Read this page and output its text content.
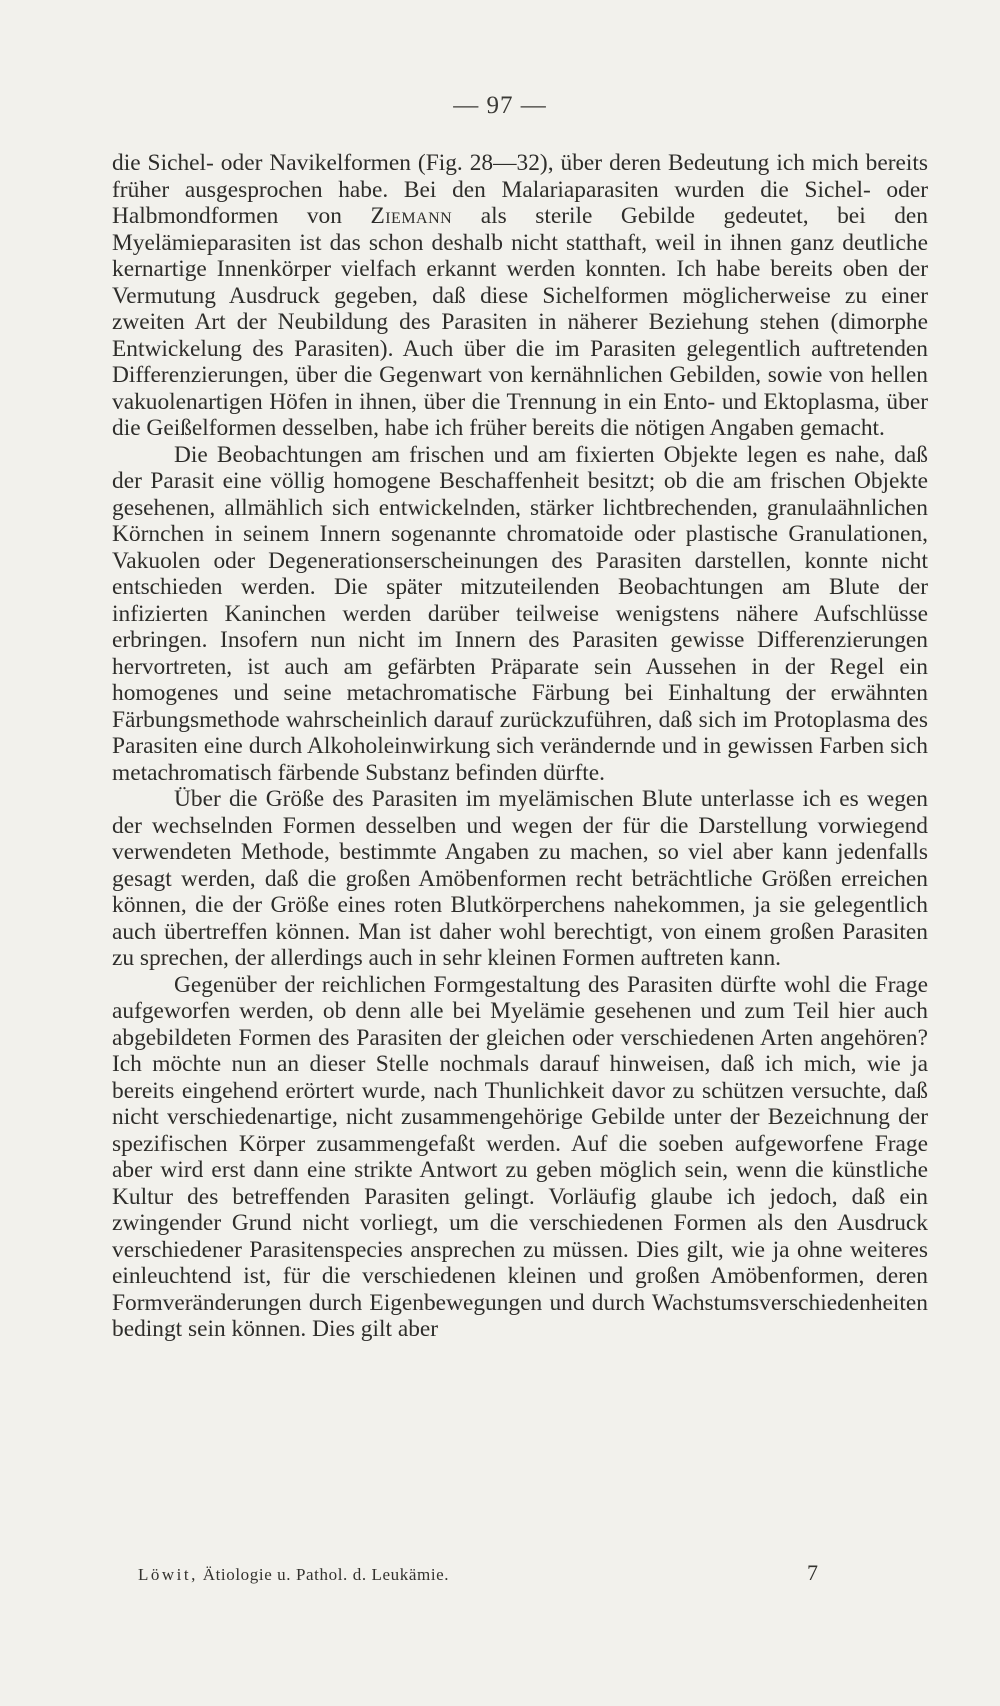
— 97 —

die Sichel- oder Navikelformen (Fig. 28—32), über deren Bedeutung ich mich bereits früher ausgesprochen habe. Bei den Malariaparasiten wurden die Sichel- oder Halbmondformen von Ziemann als sterile Gebilde gedeutet, bei den Myelämieparasiten ist das schon deshalb nicht statthaft, weil in ihnen ganz deutliche kernartige Innenkörper vielfach erkannt werden konnten. Ich habe bereits oben der Vermutung Ausdruck gegeben, daß diese Sichelformen möglicherweise zu einer zweiten Art der Neubildung des Parasiten in näherer Beziehung stehen (dimorphe Entwickelung des Parasiten). Auch über die im Parasiten gelegentlich auftretenden Differenzierungen, über die Gegenwart von kernähnlichen Gebilden, sowie von hellen vakuolenartigen Höfen in ihnen, über die Trennung in ein Ento- und Ektoplasma, über die Geißelformen desselben, habe ich früher bereits die nötigen Angaben gemacht.

Die Beobachtungen am frischen und am fixierten Objekte legen es nahe, daß der Parasit eine völlig homogene Beschaffenheit besitzt; ob die am frischen Objekte gesehenen, allmählich sich entwickelnden, stärker lichtbrechenden, granulaähnlichen Körnchen in seinem Innern sogenannte chromatoide oder plastische Granulationen, Vakuolen oder Degenerationserscheinungen des Parasiten darstellen, konnte nicht entschieden werden. Die später mitzuteilenden Beobachtungen am Blute der infizierten Kaninchen werden darüber teilweise wenigstens nähere Aufschlüsse erbringen. Insofern nun nicht im Innern des Parasiten gewisse Differenzierungen hervortreten, ist auch am gefärbten Präparate sein Aussehen in der Regel ein homogenes und seine metachromatische Färbung bei Einhaltung der erwähnten Färbungsmethode wahrscheinlich darauf zurückzuführen, daß sich im Protoplasma des Parasiten eine durch Alkoholeinwirkung sich verändernde und in gewissen Farben sich metachromatisch färbende Substanz befinden dürfte.

Über die Größe des Parasiten im myelämischen Blute unterlasse ich es wegen der wechselnden Formen desselben und wegen der für die Darstellung vorwiegend verwendeten Methode, bestimmte Angaben zu machen, so viel aber kann jedenfalls gesagt werden, daß die großen Amöbenformen recht beträchtliche Größen erreichen können, die der Größe eines roten Blutkörperchens nahekommen, ja sie gelegentlich auch übertreffen können. Man ist daher wohl berechtigt, von einem großen Parasiten zu sprechen, der allerdings auch in sehr kleinen Formen auftreten kann.

Gegenüber der reichlichen Formgestaltung des Parasiten dürfte wohl die Frage aufgeworfen werden, ob denn alle bei Myelämie gesehenen und zum Teil hier auch abgebildeten Formen des Parasiten der gleichen oder verschiedenen Arten angehören? Ich möchte nun an dieser Stelle nochmals darauf hinweisen, daß ich mich, wie ja bereits eingehend erörtert wurde, nach Thunlichkeit davor zu schützen versuchte, daß nicht verschiedenartige, nicht zusammengehörige Gebilde unter der Bezeichnung der spezifischen Körper zusammengefaßt werden. Auf die soeben aufgeworfene Frage aber wird erst dann eine strikte Antwort zu geben möglich sein, wenn die künstliche Kultur des betreffenden Parasiten gelingt. Vorläufig glaube ich jedoch, daß ein zwingender Grund nicht vorliegt, um die verschiedenen Formen als den Ausdruck verschiedener Parasitenspecies ansprechen zu müssen. Dies gilt, wie ja ohne weiteres einleuchtend ist, für die verschiedenen kleinen und großen Amöbenformen, deren Formveränderungen durch Eigenbewegungen und durch Wachstumsverschiedenheiten bedingt sein können. Dies gilt aber

Löwit, Ätiologie u. Pathol. d. Leukämie.	7
